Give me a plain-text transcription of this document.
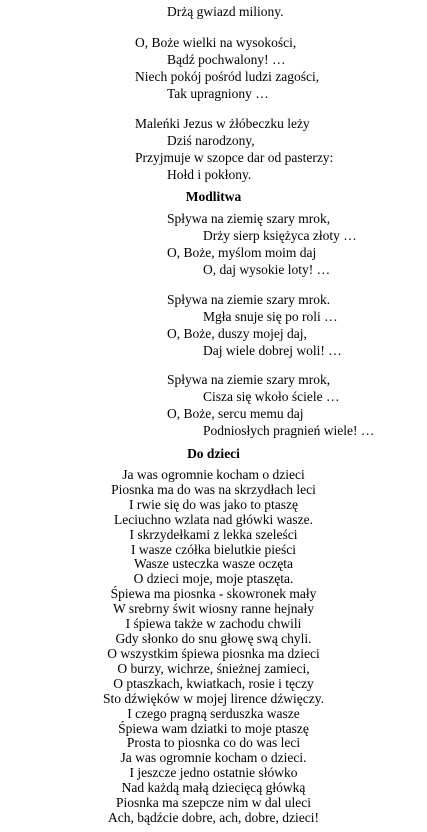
Drżą gwiazd miliony.
O, Boże wielki na wysokości,
Bądź pochwalony! …
Niech pokój pośród ludzi zagości,
Tak upragniony …
Maleńki Jezus w żłóbeczku leży
Dziś narodzony,
Przyjmuje w szopce dar od pasterzy:
Hołd i pokłony.
Modlitwa
Spływa na ziemię szary mrok,
Drży sierp księżyca złoty …
O, Boże, myślom moim daj
O, daj wysokie loty! …
Spływa na ziemie szary mrok.
Mgła snuje się po roli …
O, Boże, duszy mojej daj,
Daj wiele dobrej woli! …
Spływa na ziemie szary mrok,
Cisza się wkoło ściele …
O, Boże, sercu memu daj
Podniosłych pragnień wiele! …
Do dzieci
Ja was ogromnie kocham o dzieci
Piosnka ma do was na skrzydłach leci
I rwie się do was jako to ptaszę
Leciuchno wzlata nad główki wasze.
I skrzydełkami z lekka szeleści
I wasze czółka bielutkie pieści
Wasze usteczka wasze oczęta
O dzieci moje, moje ptaszęta.
Śpiewa ma piosnka - skowronek mały
W srebrny świt wiosny ranne hejnały
I śpiewa także w zachodu chwili
Gdy słonko do snu głowę swą chyli.
O wszystkim śpiewa piosnka ma dzieci
O burzy, wichrze, śnieżnej zamieci,
O ptaszkach, kwiatkach, rosie i tęczy
Sto dźwięków w mojej lirence dźwięczy.
I czego pragną serduszka wasze
Śpiewa wam dziatki to moje ptaszę
Prosta to piosnka co do was leci
Ja was ogromnie kocham o dzieci.
I jeszcze jedno ostatnie słówko
Nad każdą małą dziecięcą główką
Piosnka ma szepcze nim w dal uleci
Ach, bądźcie dobre, ach, dobre, dzieci!
